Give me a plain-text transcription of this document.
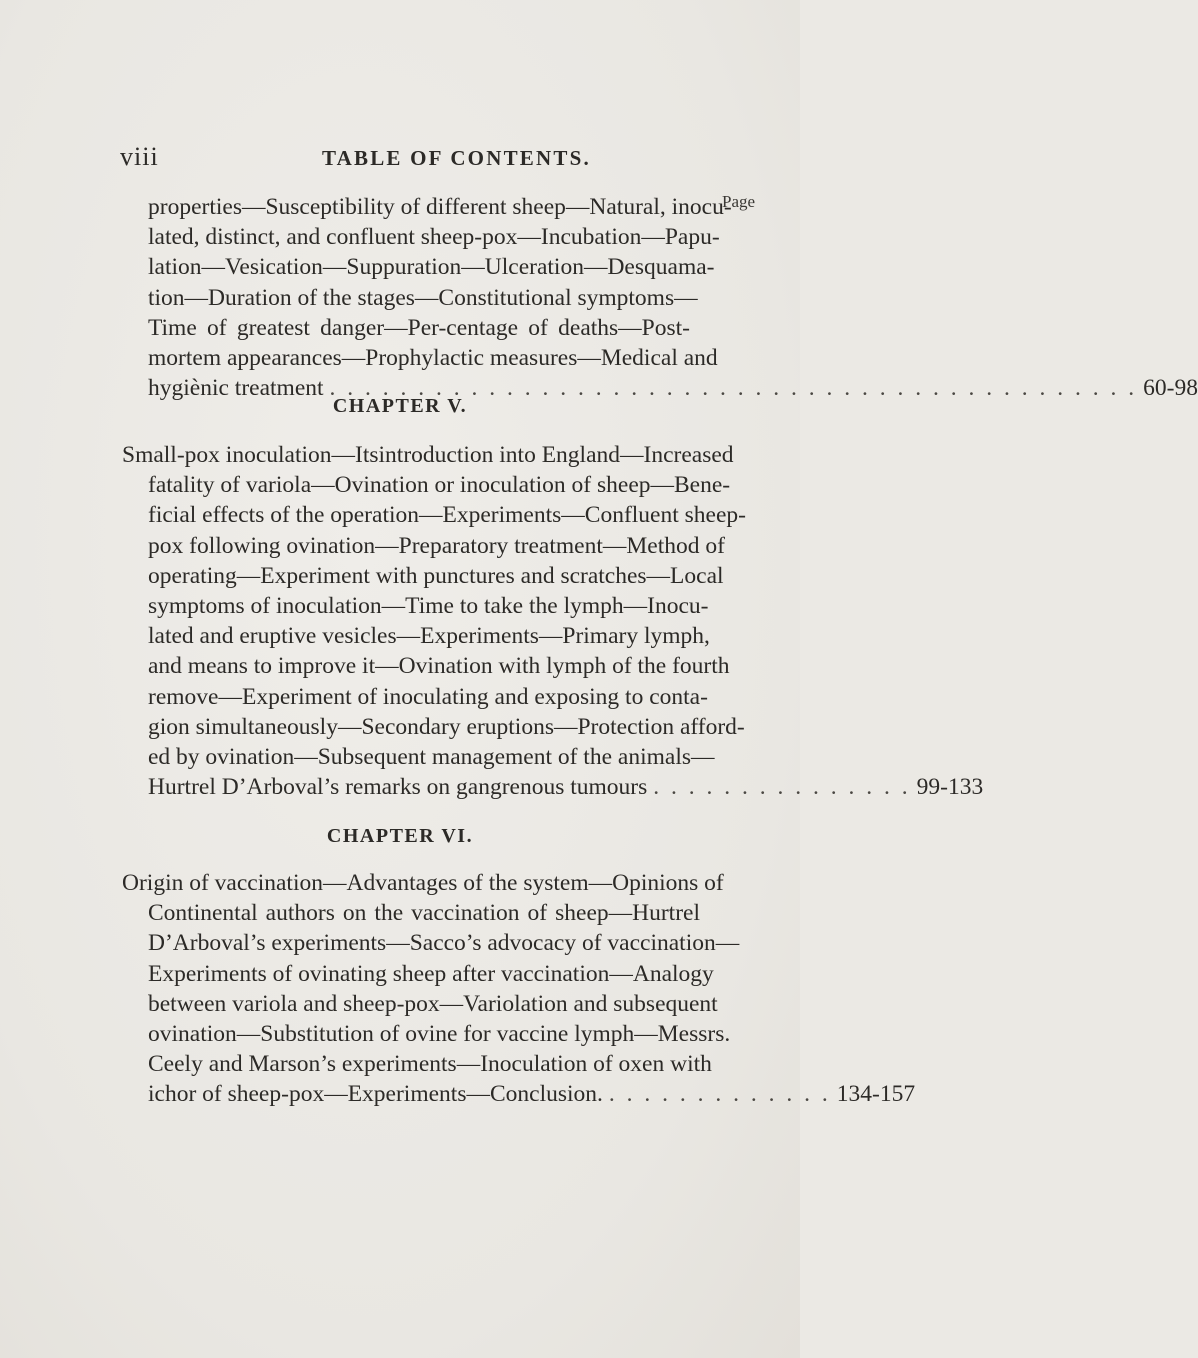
viii	TABLE OF CONTENTS.
Page
properties—Susceptibility of different sheep—Natural, inocu-
lated, distinct, and confluent sheep-pox—Incubation—Papu-
lation—Vesication—Suppuration—Ulceration—Desquama-
tion—Duration of the stages—Constitutional symptoms—
Time of greatest danger—Per-centage of deaths—Post-
mortem appearances—Prophylactic measures—Medical and
hygiènic treatment . . . . . . . . . . . . . . . . . . . . . . . . . . . . . . . . . . . . . . . . . . . . . . 60-98
CHAPTER V.
Small-pox inoculation—Itsintroduction into England—Increased
fatality of variola—Ovination or inoculation of sheep—Bene-
ficial effects of the operation—Experiments—Confluent sheep-
pox following ovination—Preparatory treatment—Method of
operating—Experiment with punctures and scratches—Local
symptoms of inoculation—Time to take the lymph—Inocu-
lated and eruptive vesicles—Experiments—Primary lymph,
and means to improve it—Ovination with lymph of the fourth
remove—Experiment of inoculating and exposing to conta-
gion simultaneously—Secondary eruptions—Protection afford-
ed by ovination—Subsequent management of the animals—
Hurtrel D’Arboval’s remarks on gangrenous tumours . . . . . . . . . . . . . . . 99-133
CHAPTER VI.
Origin of vaccination—Advantages of the system—Opinions of
Continental authors on the vaccination of sheep—Hurtrel
D’Arboval’s experiments—Sacco’s advocacy of vaccination—
Experiments of ovinating sheep after vaccination—Analogy
between variola and sheep-pox—Variolation and subsequent
ovination—Substitution of ovine for vaccine lymph—Messrs.
Ceely and Marson’s experiments—Inoculation of oxen with
ichor of sheep-pox—Experiments—Conclusion. . . . . . . . . . . . . . 134-157
